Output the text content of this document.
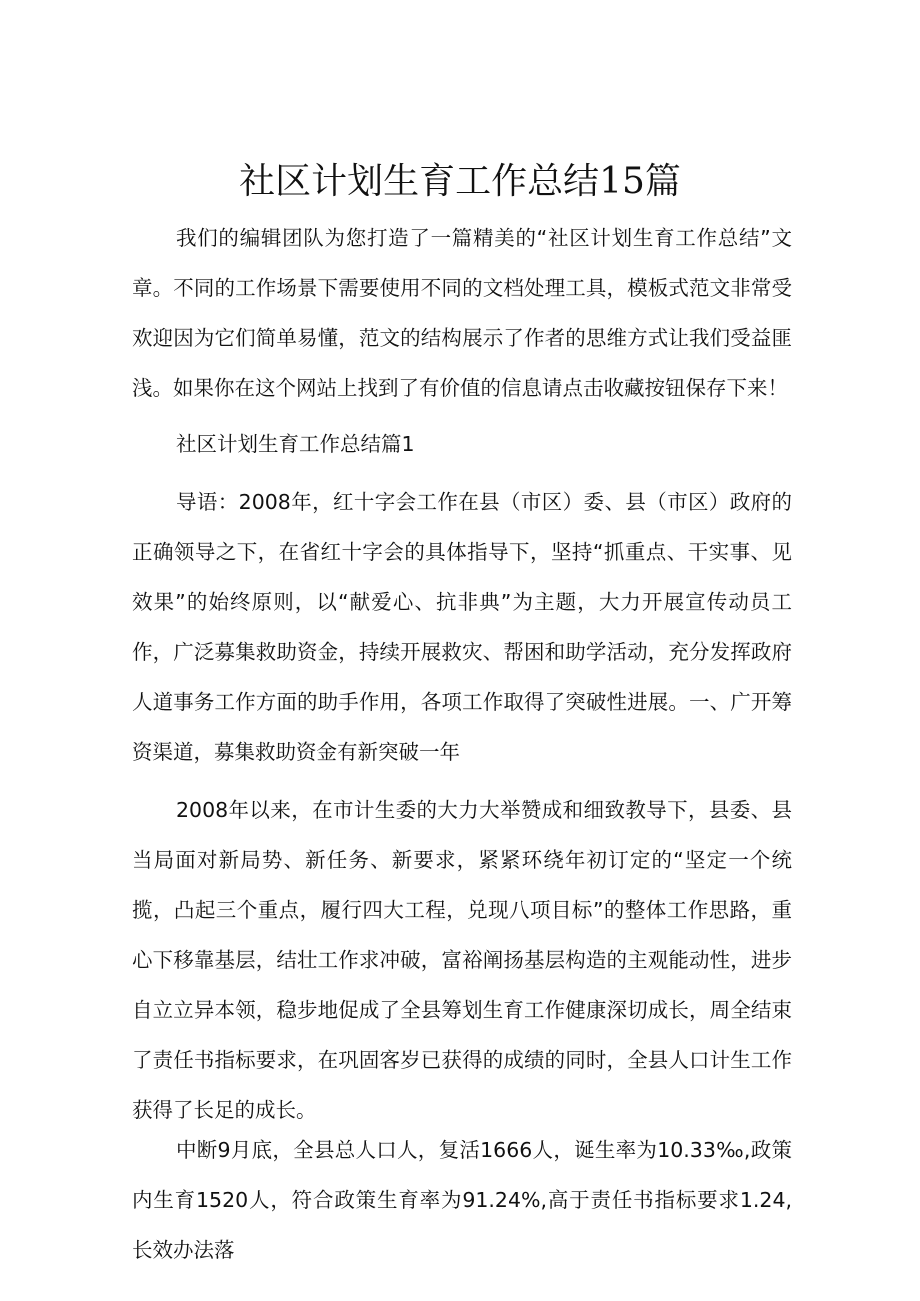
社区计划生育工作总结15篇

我们的编辑团队为您打造了一篇精美的“社区计划生育工作总结”文章。不同的工作场景下需要使用不同的文档处理工具，模板式范文非常受欢迎因为它们简单易懂，范文的结构展示了作者的思维方式让我们受益匪浅。如果你在这个网站上找到了有价值的信息请点击收藏按钮保存下来！

社区计划生育工作总结篇1

导语：2008年，红十字会工作在县（市区）委、县（市区）政府的正确领导之下，在省红十字会的具体指导下，坚持“抓重点、干实事、见效果”的始终原则，以“献爱心、抗非典”为主题，大力开展宣传动员工作，广泛募集救助资金，持续开展救灾、帮困和助学活动，充分发挥政府人道事务工作方面的助手作用，各项工作取得了突破性进展。一、广开筹资渠道，募集救助资金有新突破一年

2008年以来，在市计生委的大力大举赞成和细致教导下，县委、县当局面对新局势、新任务、新要求，紧紧环绕年初订定的“坚定一个统揽，凸起三个重点，履行四大工程，兑现八项目标”的整体工作思路，重心下移靠基层，结壮工作求冲破，富裕阐扬基层构造的主观能动性，进步自立立异本领，稳步地促成了全县筹划生育工作健康深切成长，周全结束了责任书指标要求，在巩固客岁已获得的成绩的同时，全县人口计生工作获得了长足的成长。

中断9月底，全县总人口人，复活1666人，诞生率为10.33‰,政策内生育1520人，符合政策生育率为91.24%,高于责任书指标要求1.24,长效办法落
